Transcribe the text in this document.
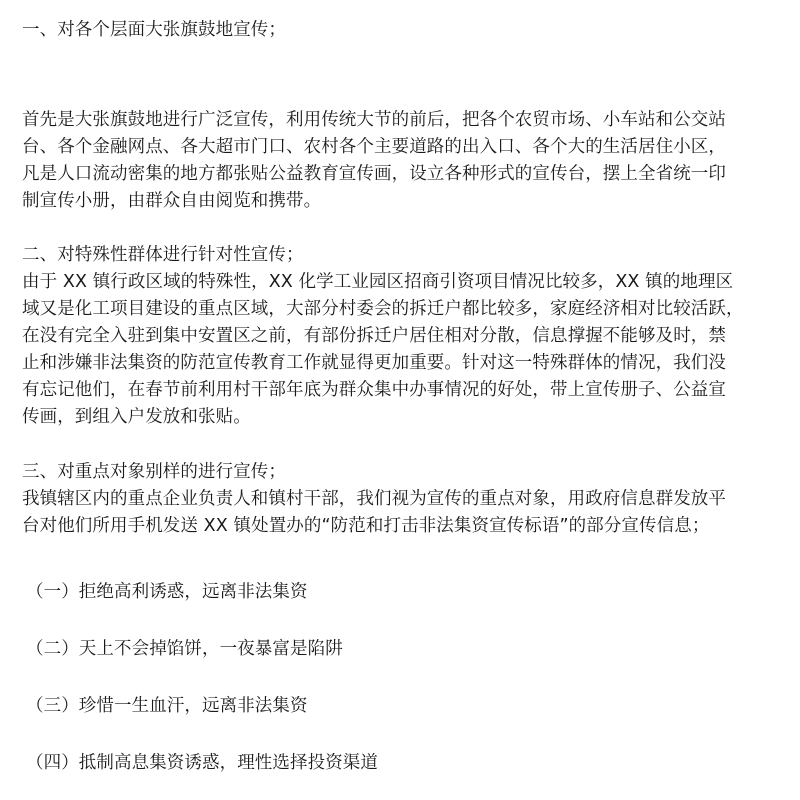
一、对各个层面大张旗鼓地宣传；
首先是大张旗鼓地进行广泛宣传，利用传统大节的前后，把各个农贸市场、小车站和公交站
台、各个金融网点、各大超市门口、农村各个主要道路的出入口、各个大的生活居住小区，
凡是人口流动密集的地方都张贴公益教育宣传画，设立各种形式的宣传台，摆上全省统一印
制宣传小册，由群众自由阅览和携带。
二、对特殊性群体进行针对性宣传；
由于 XX 镇行政区域的特殊性，XX 化学工业园区招商引资项目情况比较多，XX 镇的地理区
域又是化工项目建设的重点区域，大部分村委会的拆迁户都比较多，家庭经济相对比较活跃，
在没有完全入驻到集中安置区之前，有部份拆迁户居住相对分散，信息撑握不能够及时，禁
止和涉嫌非法集资的防范宣传教育工作就显得更加重要。针对这一特殊群体的情况，我们没
有忘记他们，在春节前利用村干部年底为群众集中办事情况的好处，带上宣传册子、公益宣
传画，到组入户发放和张贴。
三、对重点对象别样的进行宣传；
我镇辖区内的重点企业负责人和镇村干部，我们视为宣传的重点对象，用政府信息群发放平
台对他们所用手机发送 XX 镇处置办的“防范和打击非法集资宣传标语”的部分宣传信息；
（一）拒绝高利诱惑，远离非法集资
（二）天上不会掉馅饼，一夜暴富是陷阱
（三）珍惜一生血汗，远离非法集资
（四）抵制高息集资诱惑，理性选择投资渠道
